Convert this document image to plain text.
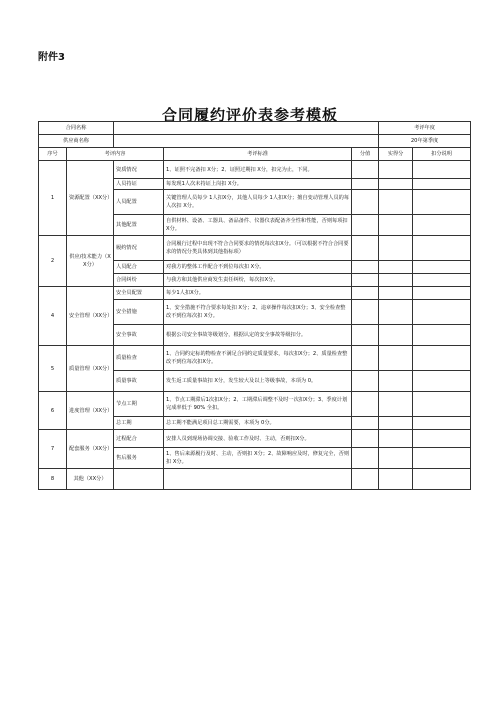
附件3
合同履约评价表参考模板
合同名称					考评年度	
供应商名称					20年第季度	
序号	考评内容		考评标准	分值	实得分	扣分说明
1	资源配置（XX分）	资质情况	1、证照不完备扣 X分；2、证照过期扣 X分，扣完为止，下同。			
		人员持证	每发现1人次未持证上岗扣 X分。			
		人员配置	关键管理人员每少 1人扣X分，其他人员每少 1人扣X分；擅自变动管理人员的每人次扣 X分。			
		其他配置	自供材料、设备、工器具、备品备件、仪器仪表配备齐全性和性能，否则每项扣 X分。			
2	供应/技术能力（XX分）	履约情况	合同履行过程中出现不符合合同要求的情况每次扣X分。（可以根据不符合合同要求的情况分类具体到其他指标项）			
		人员配合	对我方的整体工作配合不到位每次扣 X分。			
		合同纠纷	与我方和其他供应商发生责任纠纷，每次扣X分。			
4	安全管理（XX分）	安全员配置	每少1人扣X分。			
		安全措施	1、安全措施不符合要求每处扣 X分；2、违章操作每次扣X分；3、安全检查整改不到位每次扣 X分。			
		安全事故	根据公司安全事故等级划分，根据认定的安全事故等级扣分。			
5	质量管理（XX分）	质量检查	1、合同约定标的物检查不满足合同约定质量要求，每次扣X分；2、质量检查整改不到位每次扣X分。			
		质量事故	发生返工质量事故扣 X分，发生较大及以上等级事故，本项为 0。			
6	进度管理（XX分）	节点工期	1、节点工期滞后1次扣X分；2、工期滞后调整不及时一次扣X分；3、季度计划完成率低于 90% 全扣。			
		总工期	总工期不能满足项目总工期需要，本项为 0分。			
7	配套服务（XX分）	过程配合	安排人员到现场协调交接、验收工作及时、主动，否则扣X分。			
		售后服务	1、售后来源履行及时、主动，否则扣 X分；2、故障响应及时，修复完全，否则扣 X分。			
8	其他（XX分）					
